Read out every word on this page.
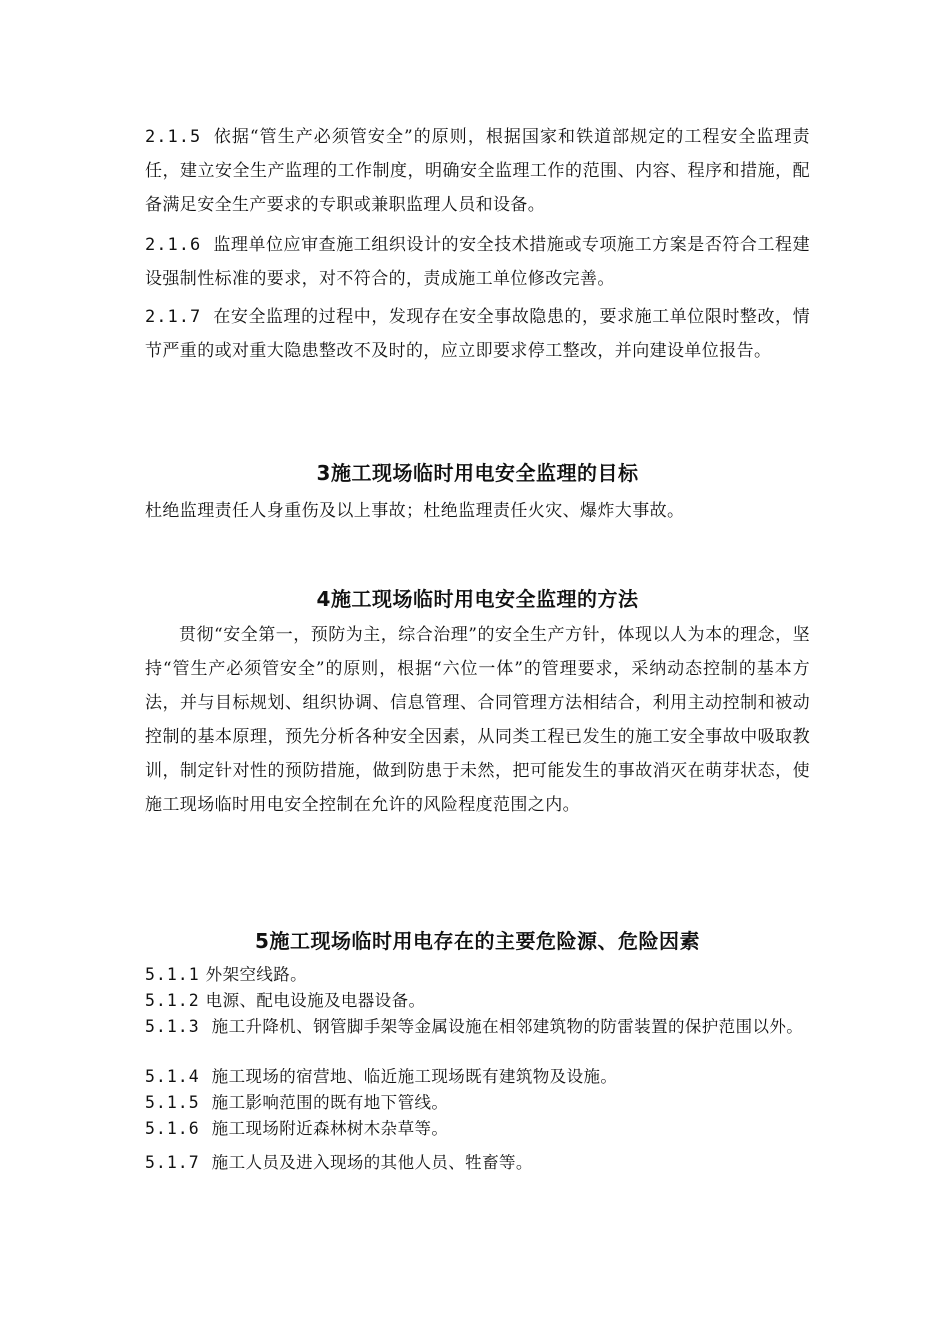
2.1.5 依据“管生产必须管安全”的原则，根据国家和铁道部规定的工程安全监理责任，建立安全生产监理的工作制度，明确安全监理工作的范围、内容、程序和措施，配备满足安全生产要求的专职或兼职监理人员和设备。
2.1.6 监理单位应审查施工组织设计的安全技术措施或专项施工方案是否符合工程建设强制性标准的要求，对不符合的，责成施工单位修改完善。
2.1.7 在安全监理的过程中，发现存在安全事故隐患的，要求施工单位限时整改，情节严重的或对重大隐患整改不及时的，应立即要求停工整改，并向建设单位报告。
3施工现场临时用电安全监理的目标
杜绝监理责任人身重伤及以上事故；杜绝监理责任火灾、爆炸大事故。
4施工现场临时用电安全监理的方法
贯彻“安全第一，预防为主，综合治理”的安全生产方针，体现以人为本的理念，坚持“管生产必须管安全”的原则，根据“六位一体”的管理要求，采纳动态控制的基本方法，并与目标规划、组织协调、信息管理、合同管理方法相结合，利用主动控制和被动控制的基本原理，预先分析各种安全因素，从同类工程已发生的施工安全事故中吸取教训，制定针对性的预防措施，做到防患于未然，把可能发生的事故消灭在萌芽状态，使施工现场临时用电安全控制在允许的风险程度范围之内。
5施工现场临时用电存在的主要危险源、危险因素
5.1.1 外架空线路。
5.1.2 电源、配电设施及电器设备。
5.1.3 施工升降机、钢管脚手架等金属设施在相邻建筑物的防雷装置的保护范围以外。
5.1.4 施工现场的宿营地、临近施工现场既有建筑物及设施。
5.1.5 施工影响范围的既有地下管线。
5.1.6 施工现场附近森林树木杂草等。
5.1.7 施工人员及进入现场的其他人员、牲畜等。
